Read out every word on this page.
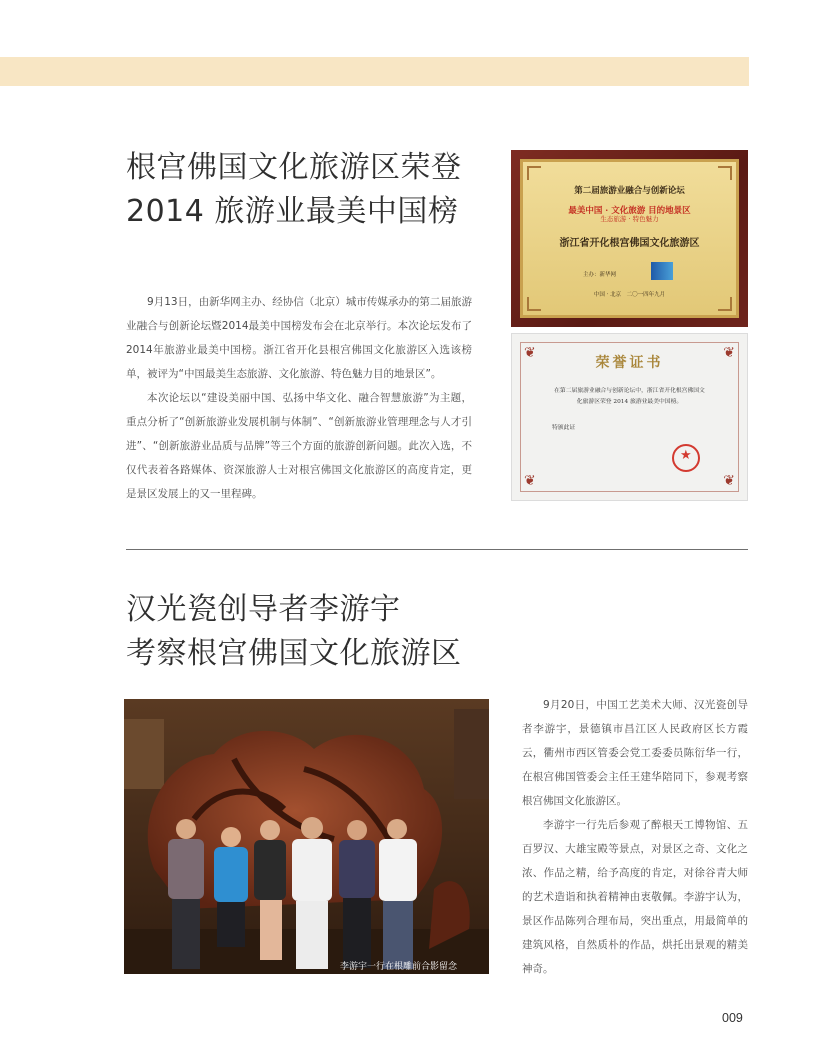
根宫佛国文化旅游区荣登
2014 旅游业最美中国榜
第二届旅游业融合与创新论坛
最美中国 · 文化旅游 目的地景区
生态旅游 · 特色魅力
浙江省开化根宫佛国文化旅游区
主办：新华网
中国 · 北京　二〇一四年九月
❦	❦
❦	❦
荣誉证书
在第二届旅游业融合与创新论坛中，浙江省开化根宫佛国文化旅游区荣登 2014 旅游业最美中国榜。
特颁此证
★

9月13日，由新华网主办、经协信（北京）城市传媒承办的第二届旅游业融合与创新论坛暨2014最美中国榜发布会在北京举行。本次论坛发布了2014年旅游业最美中国榜。浙江省开化县根宫佛国文化旅游区入选该榜单，被评为“中国最美生态旅游、文化旅游、特色魅力目的地景区”。

本次论坛以“建设美丽中国、弘扬中华文化、融合智慧旅游”为主题，重点分析了“创新旅游业发展机制与体制”、“创新旅游业管理理念与人才引进”、“创新旅游业品质与品牌”等三个方面的旅游创新问题。此次入选，不仅代表着各路媒体、资深旅游人士对根宫佛国文化旅游区的高度肯定，更是景区发展上的又一里程碑。

汉光瓷创导者李游宇
考察根宫佛国文化旅游区
李游宇一行在根雕前合影留念

9月20日，中国工艺美术大师、汉光瓷创导者李游宇，景德镇市昌江区人民政府区长方霞云，衢州市西区管委会党工委委员陈衍华一行，在根宫佛国管委会主任王建华陪同下，参观考察根宫佛国文化旅游区。

李游宇一行先后参观了醉根天工博物馆、五百罗汉、大雄宝殿等景点，对景区之奇、文化之浓、作品之精，给予高度的肯定，对徐谷青大师的艺术造诣和执着精神由衷敬佩。李游宇认为，景区作品陈列合理布局，突出重点，用最简单的建筑风格，自然质朴的作品，烘托出景观的精美神奇。

009
